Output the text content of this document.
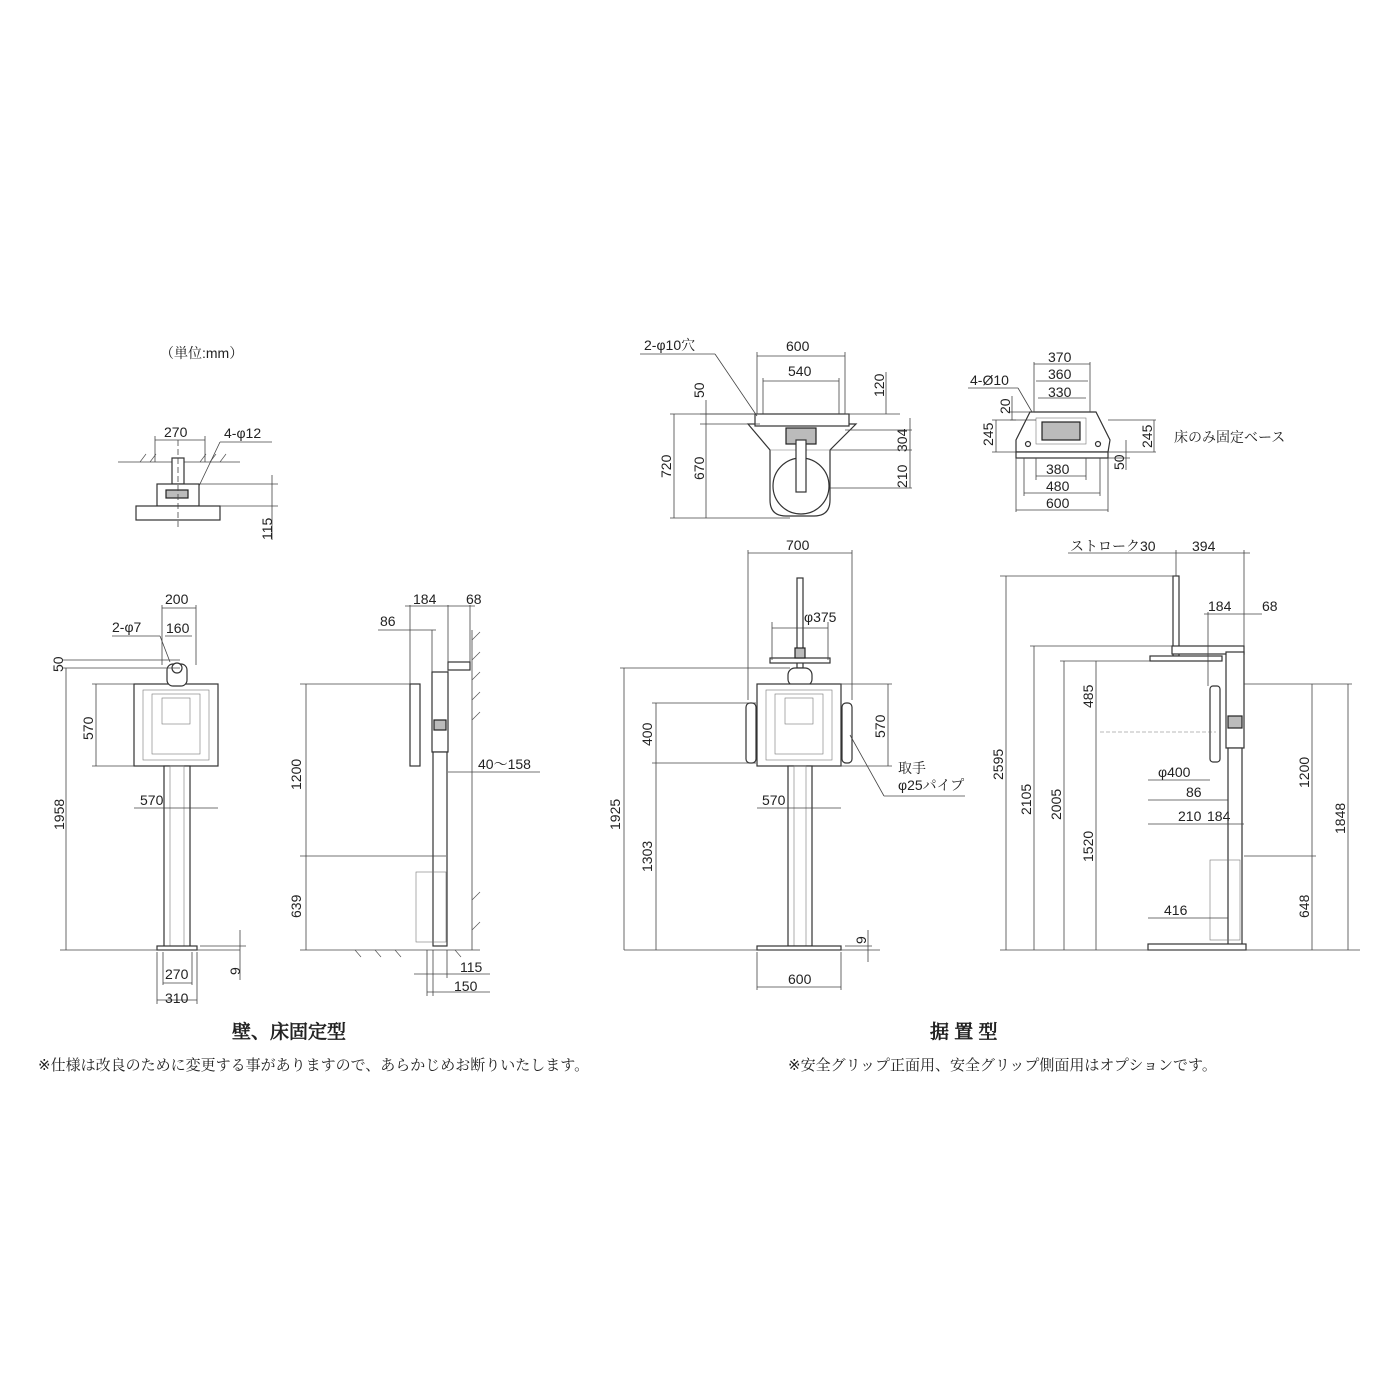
（単位:mm）
270	4-φ12
115
200
160
2-φ7
50
570
1958	570
270
310
9
184 68
86
1200
639
40～158
115
150
600
540
2-φ10穴
50
720 670
120
304
210
370
360
330
4-Ø10
20
245	245
50
床のみ固定ベース
380
480
600
700
φ375
400	570
1925
1303
570
取手
φ25パイプ
600
9
ストローク30	394
184 68
2595
2105 2005
485
1520
φ400
86
210 184
416
1200
648
1848
壁、床固定型	据 置 型
※仕様は改良のために変更する事がありますので、あらかじめお断りいたします。	※安全グリップ正面用、安全グリップ側面用はオプションです。
